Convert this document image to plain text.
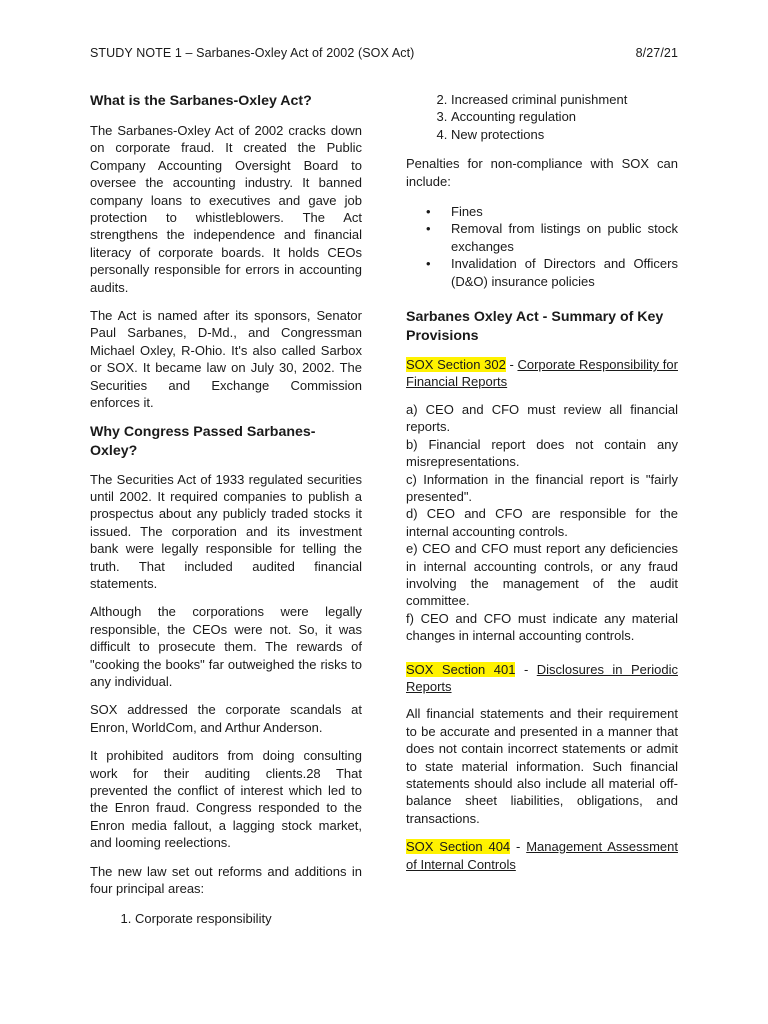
STUDY NOTE 1 – Sarbanes-Oxley Act of 2002 (SOX Act)	8/27/21
What is the Sarbanes-Oxley Act?

The Sarbanes-Oxley Act of 2002 cracks down on corporate fraud. It created the Public Company Accounting Oversight Board to oversee the accounting industry. It banned company loans to executives and gave job protection to whistleblowers. The Act strengthens the independence and financial literacy of corporate boards. It holds CEOs personally responsible for errors in accounting audits.

The Act is named after its sponsors, Senator Paul Sarbanes, D-Md., and Congressman Michael Oxley, R-Ohio. It's also called Sarbox or SOX. It became law on July 30, 2002. The Securities and Exchange Commission enforces it.

Why Congress Passed Sarbanes-Oxley?

The Securities Act of 1933 regulated securities until 2002. It required companies to publish a prospectus about any publicly traded stocks it issued. The corporation and its investment bank were legally responsible for telling the truth. That included audited financial statements.

Although the corporations were legally responsible, the CEOs were not. So, it was difficult to prosecute them. The rewards of "cooking the books" far outweighed the risks to any individual.

SOX addressed the corporate scandals at Enron, WorldCom, and Arthur Anderson.

It prohibited auditors from doing consulting work for their auditing clients.28 That prevented the conflict of interest which led to the Enron fraud. Congress responded to the Enron media fallout, a lagging stock market, and looming reelections.

The new law set out reforms and additions in four principal areas:

1. Corporate responsibility
2. Increased criminal punishment
3. Accounting regulation
4. New protections

Penalties for non-compliance with SOX can include:

• Fines
• Removal from listings on public stock exchanges
• Invalidation of Directors and Officers (D&O) insurance policies
Sarbanes Oxley Act - Summary of Key Provisions
SOX Section 302 - Corporate Responsibility for Financial Reports
a) CEO and CFO must review all financial reports.
b) Financial report does not contain any misrepresentations.
c) Information in the financial report is "fairly presented".
d) CEO and CFO are responsible for the internal accounting controls.
e) CEO and CFO must report any deficiencies in internal accounting controls, or any fraud involving the management of the audit committee.
f) CEO and CFO must indicate any material changes in internal accounting controls.
SOX Section 401 - Disclosures in Periodic Reports

All financial statements and their requirement to be accurate and presented in a manner that does not contain incorrect statements or admit to state material information. Such financial statements should also include all material off-balance sheet liabilities, obligations, and transactions.

SOX Section 404 - Management Assessment of Internal Controls
